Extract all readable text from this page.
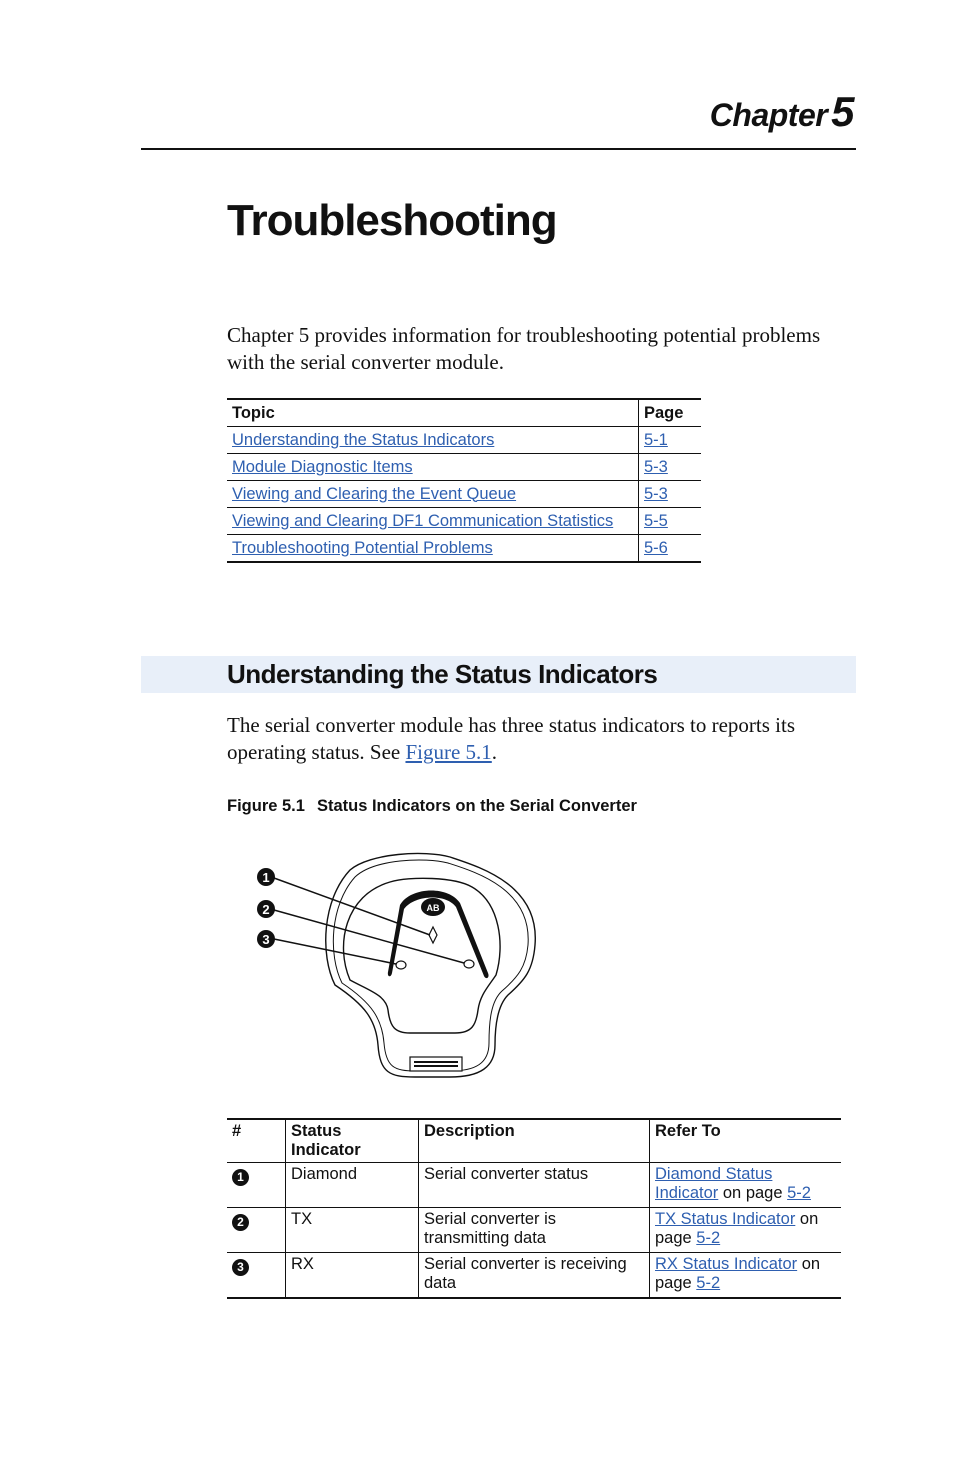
Chapter 5
Troubleshooting

Chapter 5 provides information for troubleshooting potential problems with the serial converter module.

Topic	Page
Understanding the Status Indicators	5-1
Module Diagnostic Items	5-3
Viewing and Clearing the Event Queue	5-3
Viewing and Clearing DF1 Communication Statistics	5-5
Troubleshooting Potential Problems	5-6
Understanding the Status Indicators

The serial converter module has three status indicators to reports its operating status. See Figure 5.1.

Figure 5.1 Status Indicators on the Serial Converter
AB
1
2
3
#	Status Indicator	Description	Refer To
1	Diamond	Serial converter status	Diamond Status Indicator on page 5-2
2	TX	Serial converter is transmitting data	TX Status Indicator on page 5-2
3	RX	Serial converter is receiving data	RX Status Indicator on page 5-2
